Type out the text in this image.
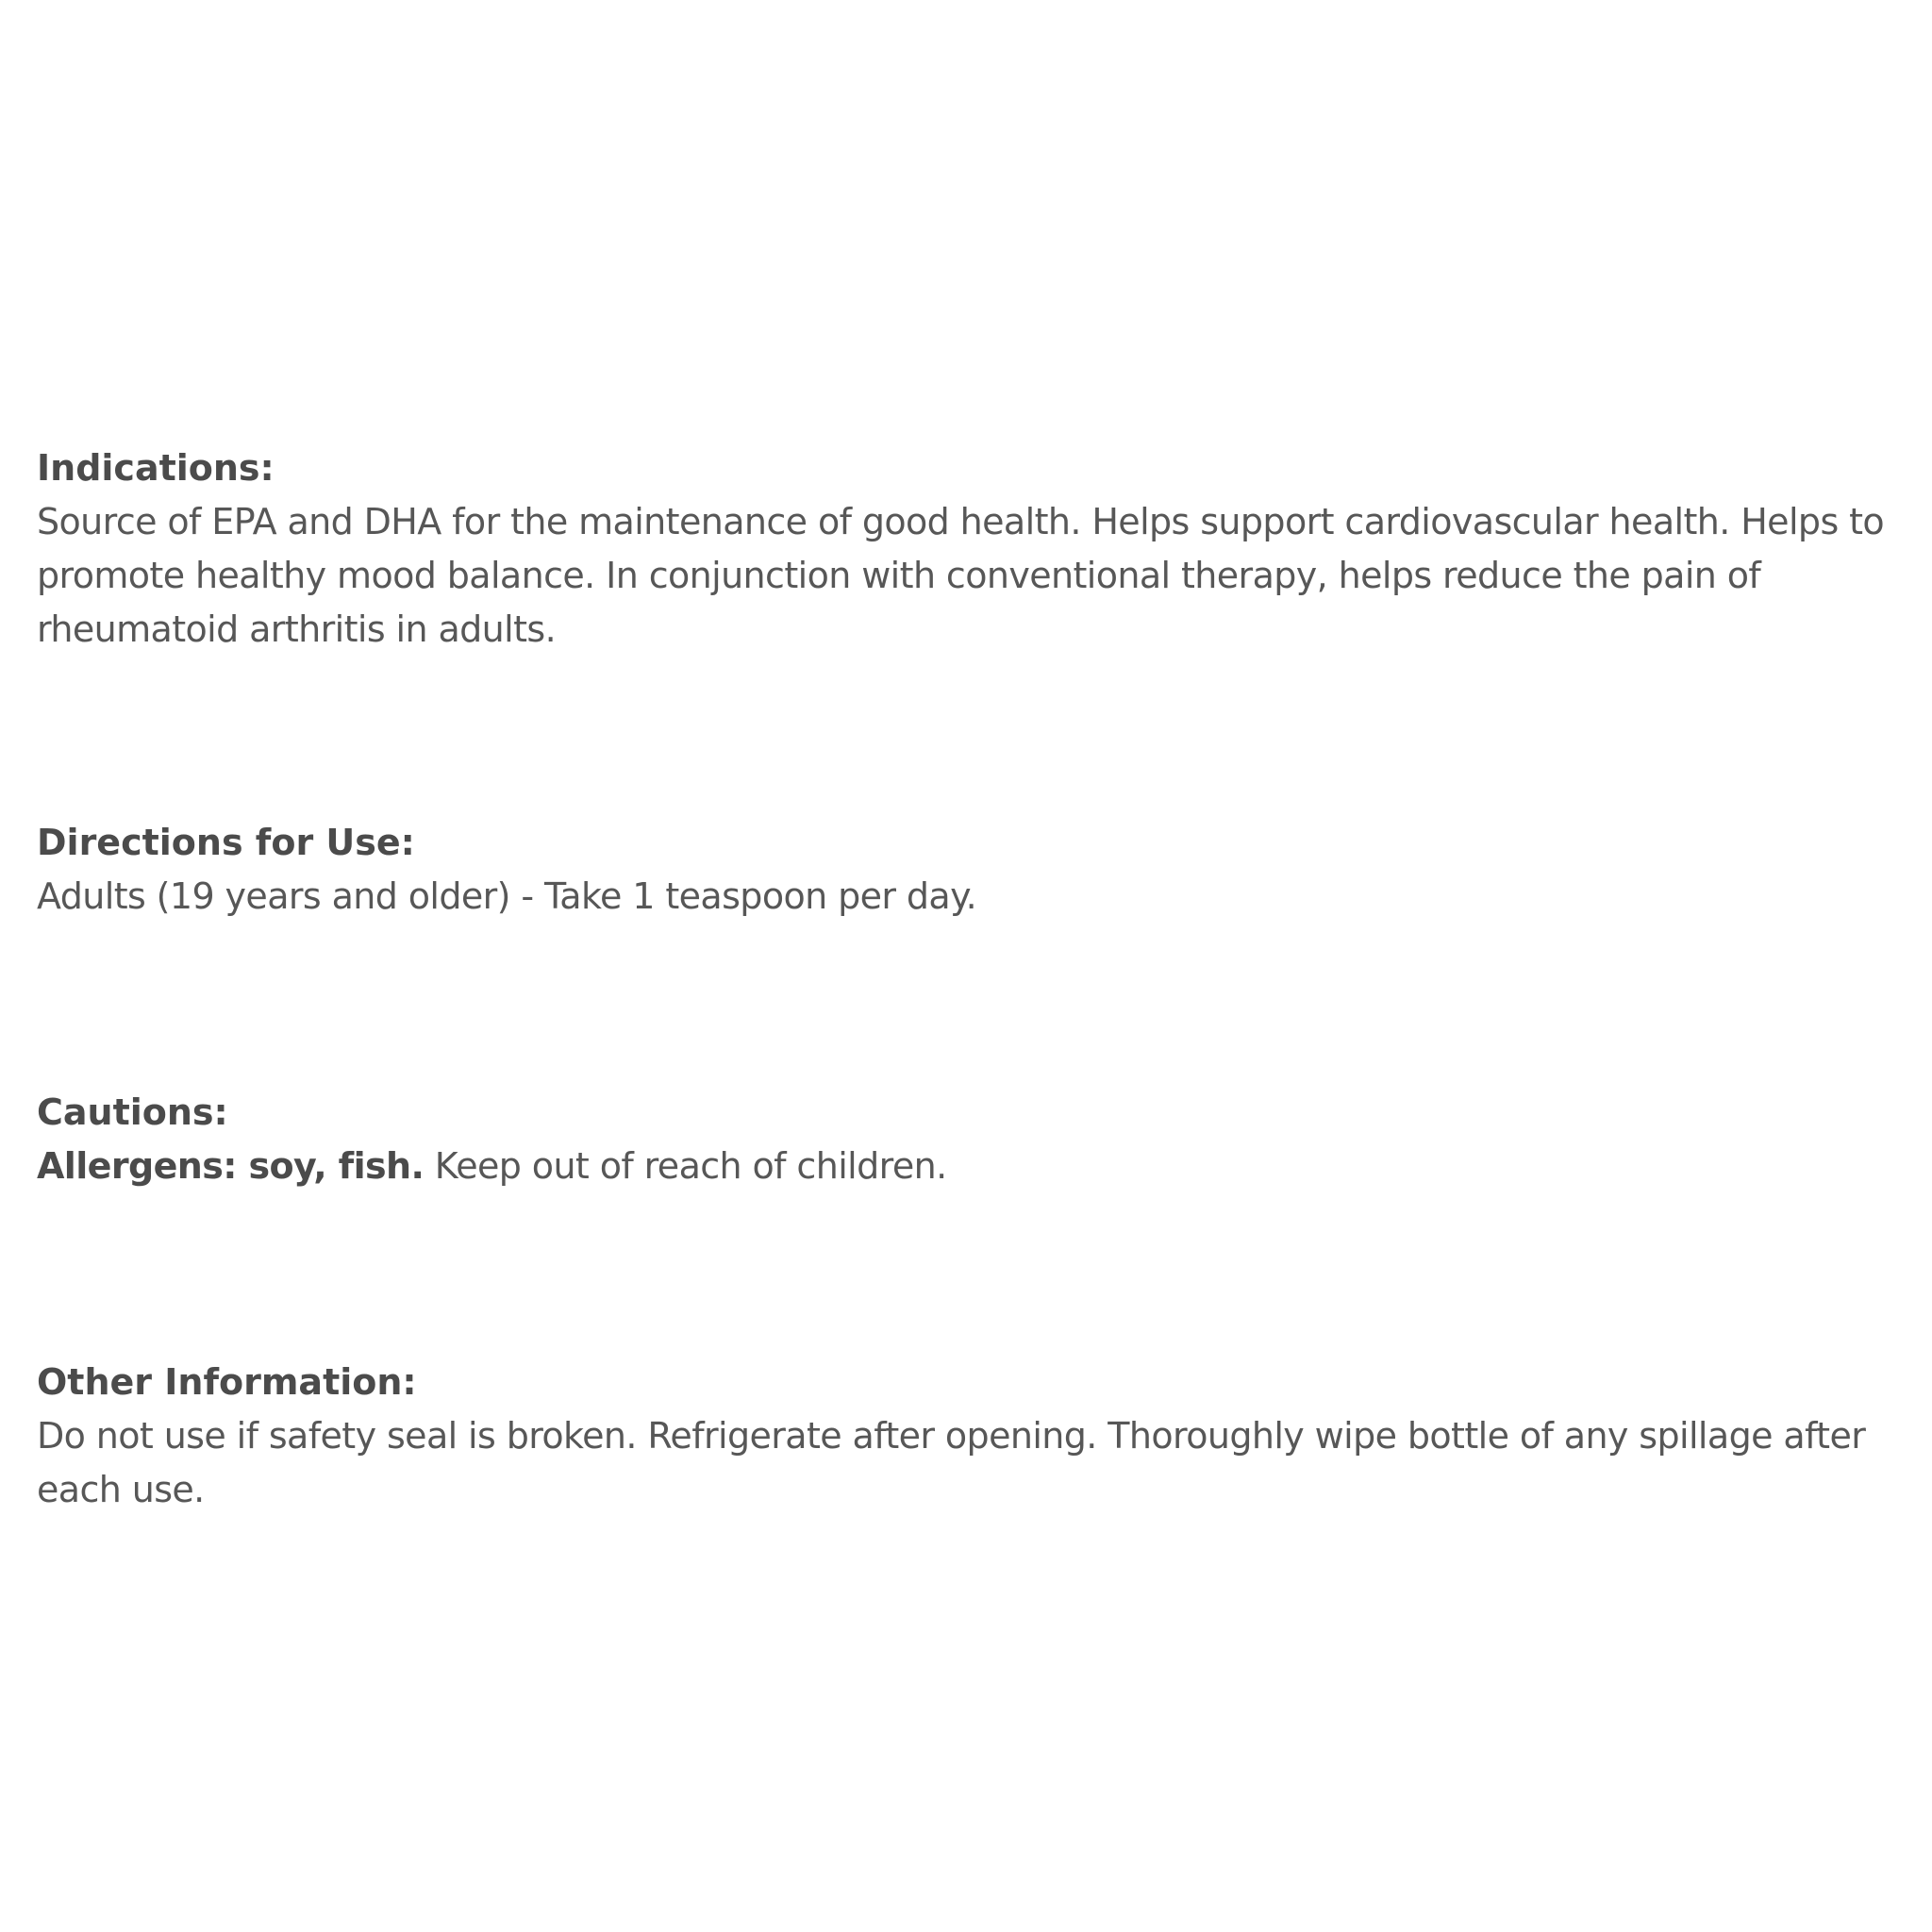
Indications:

Source of EPA and DHA for the maintenance of good health. Helps support cardiovascular health. Helps to promote healthy mood balance. In conjunction with conventional therapy, helps reduce the pain of rheumatoid arthritis in adults.

Directions for Use:

Adults (19 years and older) - Take 1 teaspoon per day.

Cautions:

Allergens: soy, fish. Keep out of reach of children.

Other Information:

Do not use if safety seal is broken. Refrigerate after opening. Thoroughly wipe bottle of any spillage after each use.
